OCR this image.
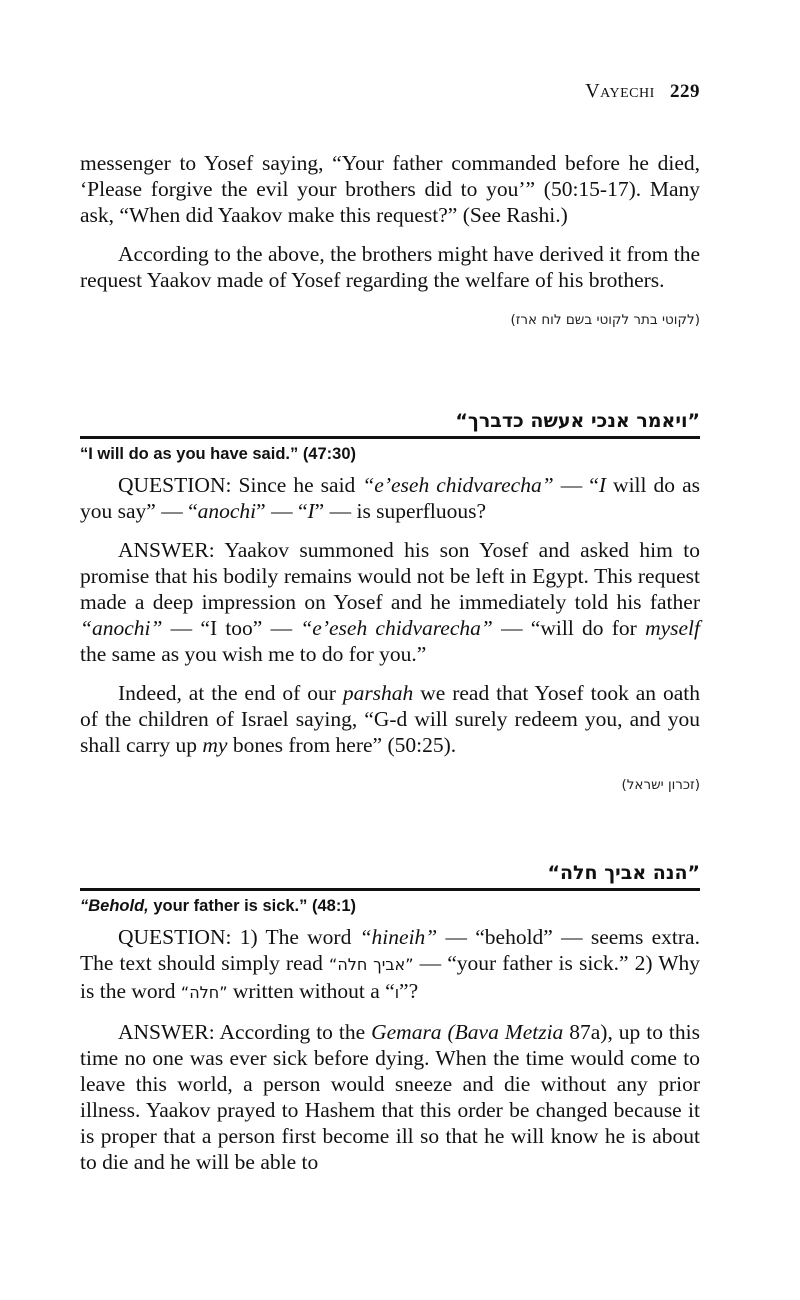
Vayechi 229

messenger to Yosef saying, “Your father commanded before he died, ‘Please forgive the evil your brothers did to you’” (50:15-17). Many ask, “When did Yaakov make this request?” (See Rashi.)

According to the above, the brothers might have derived it from the request Yaakov made of Yosef regarding the welfare of his brothers.

(לקוטי בתר לקוטי בשם לוח ארז)
”ויאמר אנכי אעשה כדברך“
“I will do as you have said.” (47:30)

QUESTION: Since he said “e’eseh chidvarecha” — “I will do as you say” — “anochi” — “I” — is superfluous?

ANSWER: Yaakov summoned his son Yosef and asked him to promise that his bodily remains would not be left in Egypt. This request made a deep impression on Yosef and he immediately told his father “anochi” — “I too” — “e’eseh chidvarecha” — “will do for myself the same as you wish me to do for you.”

Indeed, at the end of our parshah we read that Yosef took an oath of the children of Israel saying, “G-d will surely redeem you, and you shall carry up my bones from here” (50:25).

(זכרון ישראל)
”הנה אביך חלה“
“Behold, your father is sick.” (48:1)

QUESTION: 1) The word “hineih” — “behold” — seems extra. The text should simply read ”אביך חלה“ — “your father is sick.” 2) Why is the word ”חלה“ written without a “ו”?

ANSWER: According to the Gemara (Bava Metzia 87a), up to this time no one was ever sick before dying. When the time would come to leave this world, a person would sneeze and die without any prior illness. Yaakov prayed to Hashem that this order be changed because it is proper that a person first become ill so that he will know he is about to die and he will be able to
